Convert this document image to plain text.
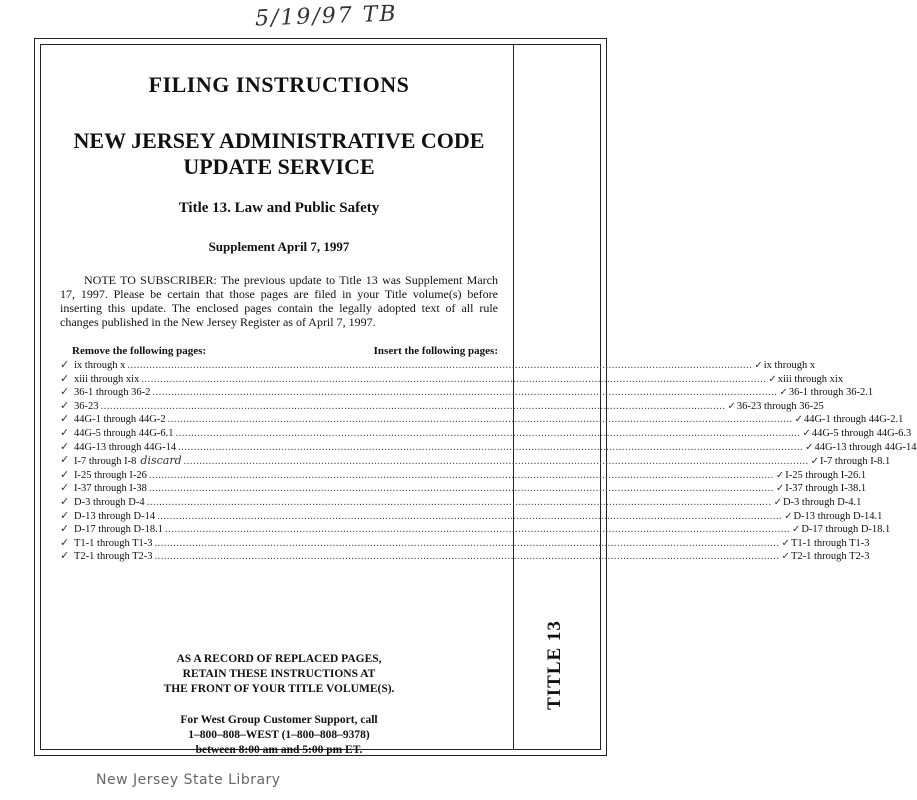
5/19/97 TB
TITLE 13
FILING INSTRUCTIONS
NEW JERSEY ADMINISTRATIVE CODE
UPDATE SERVICE
Title 13. Law and Public Safety
Supplement April 7, 1997

NOTE TO SUBSCRIBER: The previous update to Title 13 was Supplement March 17, 1997. Please be certain that those pages are filed in your Title volume(s) before inserting this update. The enclosed pages contain the legally adopted text of all rule changes published in the New Jersey Register as of April 7, 1997.

Remove the following pages:	Insert the following pages:
✓ ix through x ........................................................................................................................................................................................................ ✓ ix through x
✓ xiii through xix ........................................................................................................................................................................................................ ✓ xiii through xix
✓ 36-1 through 36-2 ........................................................................................................................................................................................................ ✓ 36-1 through 36-2.1
✓ 36-23 ........................................................................................................................................................................................................ ✓ 36-23 through 36-25
✓ 44G-1 through 44G-2 ........................................................................................................................................................................................................ ✓ 44G-1 through 44G-2.1
✓ 44G-5 through 44G-6.1 ........................................................................................................................................................................................................ ✓ 44G-5 through 44G-6.3
✓ 44G-13 through 44G-14 ........................................................................................................................................................................................................ ✓ 44G-13 through 44G-14
✓ I-7 through I-8 discard ........................................................................................................................................................................................................ ✓ I-7 through I-8.1
✓ I-25 through I-26 ........................................................................................................................................................................................................ ✓ I-25 through I-26.1
✓ I-37 through I-38 ........................................................................................................................................................................................................ ✓ I-37 through I-38.1
✓ D-3 through D-4 ........................................................................................................................................................................................................ ✓ D-3 through D-4.1
✓ D-13 through D-14 ........................................................................................................................................................................................................ ✓ D-13 through D-14.1
✓ D-17 through D-18.1 ........................................................................................................................................................................................................ ✓ D-17 through D-18.1
✓ T1-1 through T1-3 ........................................................................................................................................................................................................ ✓ T1-1 through T1-3
✓ T2-1 through T2-3 ........................................................................................................................................................................................................ ✓ T2-1 through T2-3
AS A RECORD OF REPLACED PAGES,
RETAIN THESE INSTRUCTIONS AT
THE FRONT OF YOUR TITLE VOLUME(S).
For West Group Customer Support, call
1–800–808–WEST (1–800–808–9378)
between 8:00 am and 5:00 pm ET.
New Jersey State Library
